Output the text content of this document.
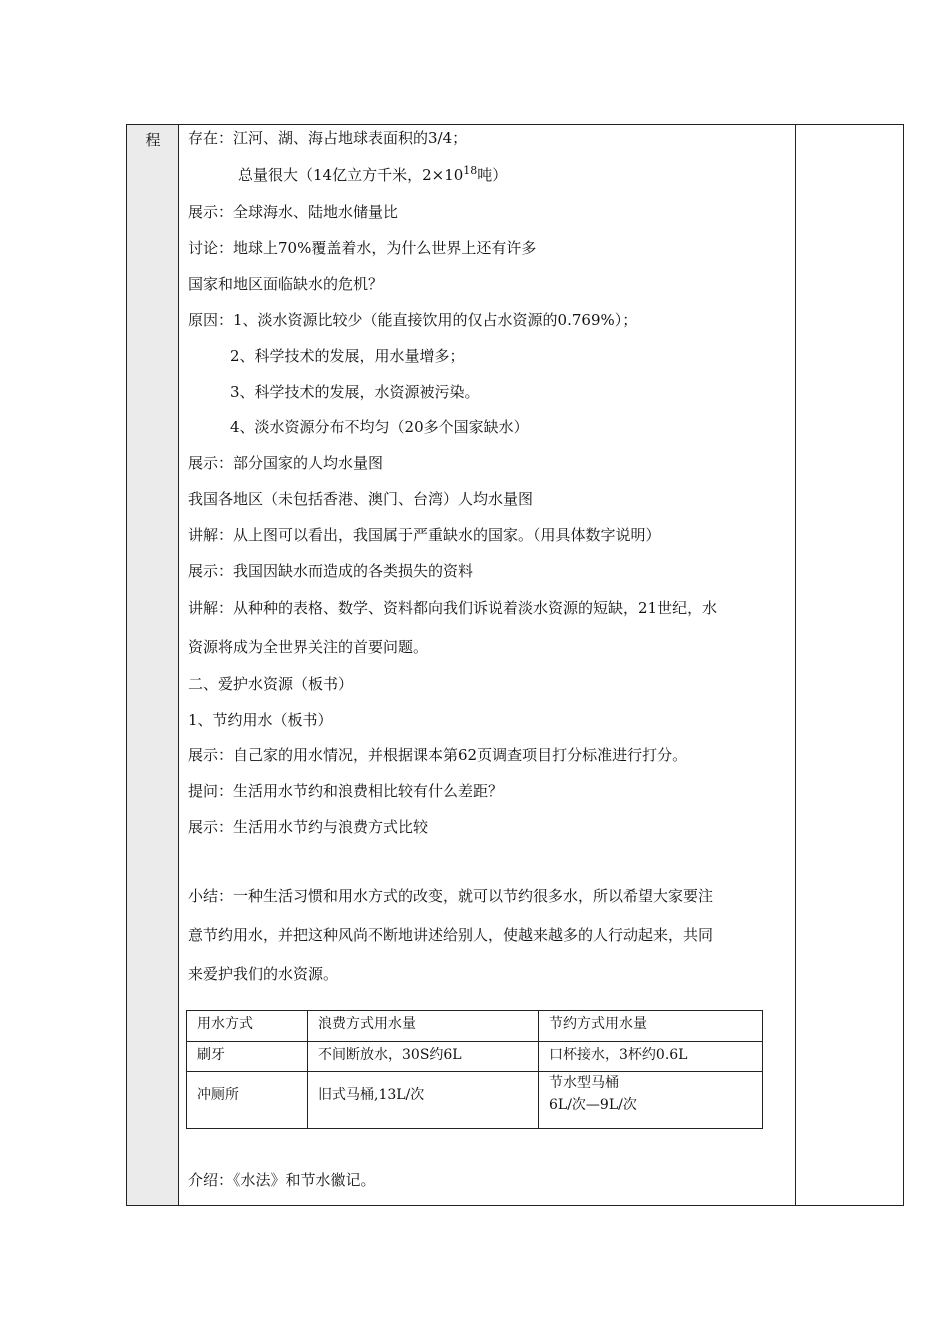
程	存在：江河、湖、海占地球表面积的3/4；
总量很大（14亿立方千米，$2\times 10^{18}$吨）
展示：全球海水、陆地水储量比
讨论：地球上70%覆盖着水，为什么世界上还有许多
国家和地区面临缺水的危机？
原因：1、淡水资源比较少（能直接饮用的仅占水资源的0.769%）；
2、科学技术的发展，用水量增多；
3、科学技术的发展，水资源被污染。
4、淡水资源分布不均匀（20多个国家缺水）
展示：部分国家的人均水量图
我国各地区（未包括香港、澳门、台湾）人均水量图
讲解：从上图可以看出，我国属于严重缺水的国家。（用具体数字说明）
展示：我国因缺水而造成的各类损失的资料
讲解：从种种的表格、数学、资料都向我们诉说着淡水资源的短缺，21世纪，水
资源将成为全世界关注的首要问题。
二、爱护水资源（板书）
1、节约用水（板书）
展示：自己家的用水情况，并根据课本第62页调查项目打分标准进行打分。
提问：生活用水节约和浪费相比较有什么差距？
展示：生活用水节约与浪费方式比较
小结：一种生活习惯和用水方式的改变，就可以节约很多水，所以希望大家要注
意节约用水，并把这种风尚不断地讲述给别人，使越来越多的人行动起来，共同
来爱护我们的水资源。
用水方式	浪费方式用水量	节约方式用水量
刷牙	不间断放水，30S约6L	口杯接水，3杯约0.6L
冲厕所	旧式马桶,13L/次	节水型马桶
6L/次—9L/次
介绍：《水法》和节水徽记。
